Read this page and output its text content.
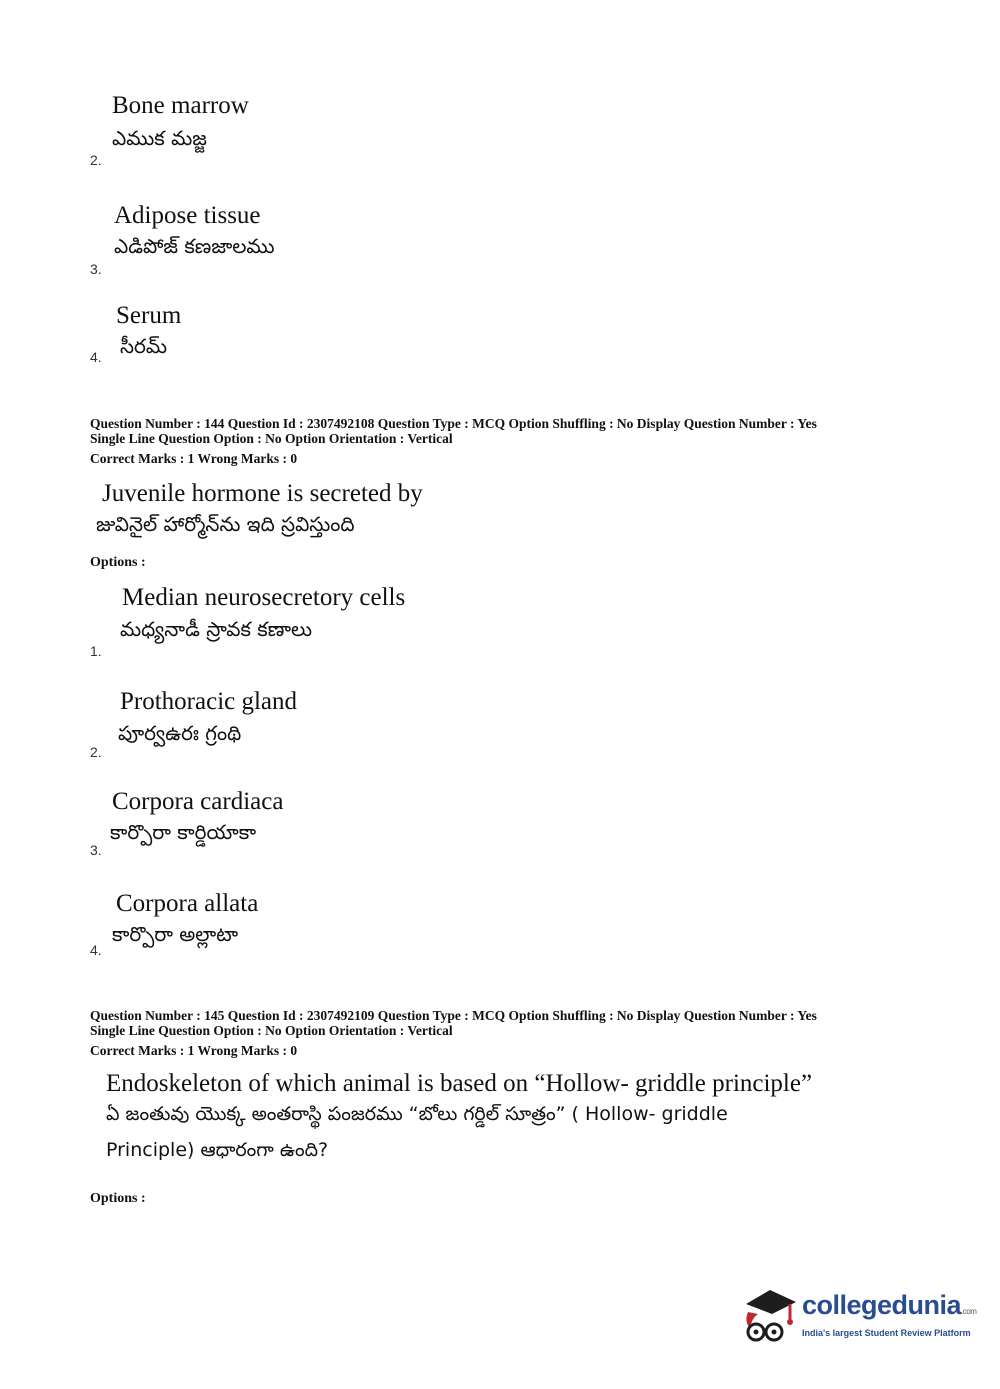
Bone marrow
ఎముక మజ్జ
2.
Adipose tissue
ఎడిపోజ్ కణజాలము
3.
Serum
సీరమ్
4.
Question Number : 144 Question Id : 2307492108 Question Type : MCQ Option Shuffling : No Display Question Number : Yes
Single Line Question Option : No Option Orientation : Vertical
Correct Marks : 1 Wrong Marks : 0
Juvenile hormone is secreted by
జువినైల్ హార్మోన్‌ను ఇది స్రవిస్తుంది
Options :
Median neurosecretory cells
మధ్యనాడీ స్రావక కణాలు
1.
Prothoracic gland
పూర్వఉరః గ్రంథి
2.
Corpora cardiaca
కార్పొరా కార్డియాకా
3.
Corpora allata
కార్పొరా అల్లాటా
4.
Question Number : 145 Question Id : 2307492109 Question Type : MCQ Option Shuffling : No Display Question Number : Yes
Single Line Question Option : No Option Orientation : Vertical
Correct Marks : 1 Wrong Marks : 0
Endoskeleton of which animal is based on “Hollow- griddle principle”
ఏ జంతువు యొక్క అంతరాస్థి పంజరము “బోలు గర్డిల్ సూత్రం” ( Hollow- griddle
Principle) ఆధారంగా ఉంది?
Options :
collegedunia.com
India's largest Student Review Platform
